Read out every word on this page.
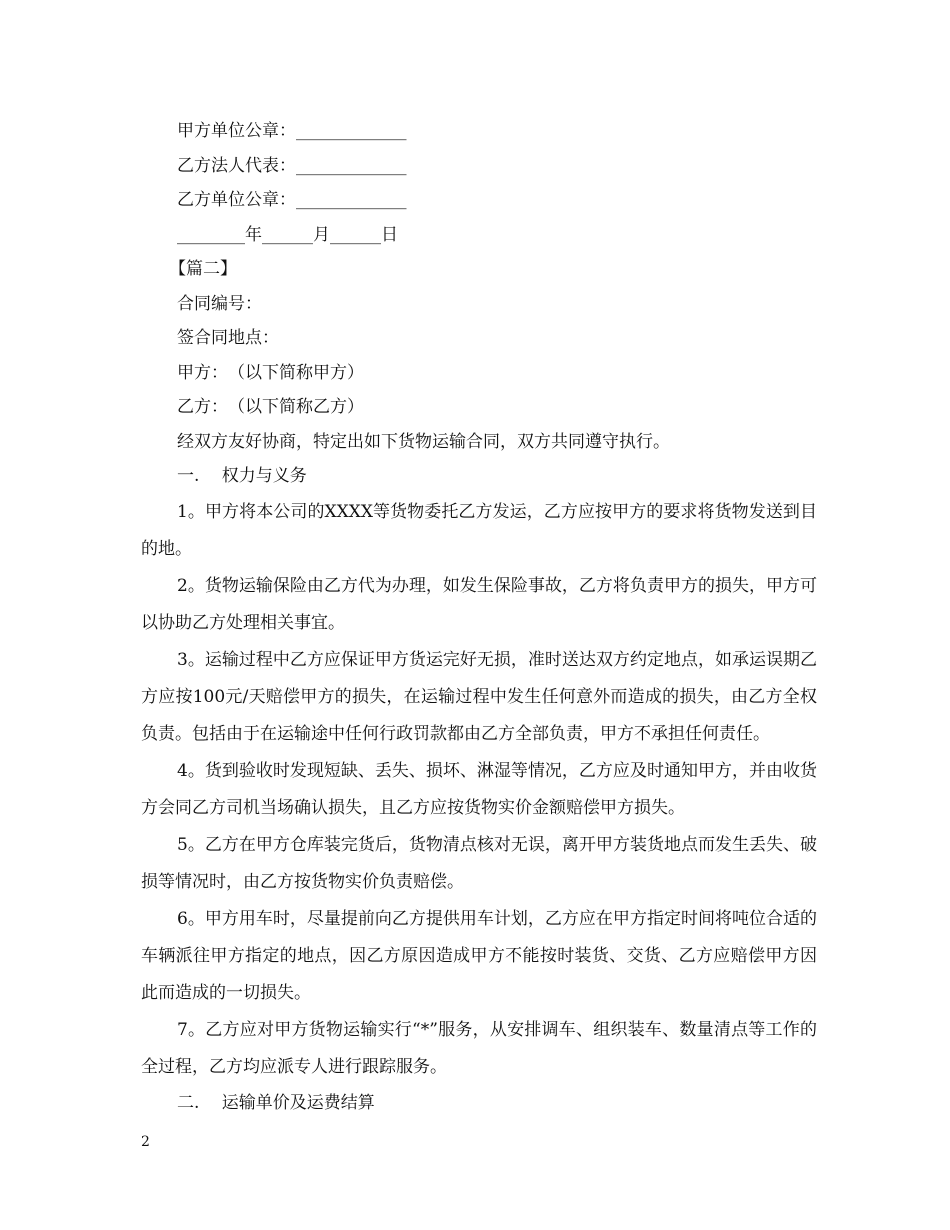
甲方单位公章：_____________
乙方法人代表：_____________
乙方单位公章：_____________
________年______月______日
【篇二】
合同编号：
签合同地点：
甲方：　（以下简称甲方）
乙方：　（以下简称乙方）
经双方友好协商，特定出如下货物运输合同，双方共同遵守执行。
一.　 权力与义务
1。甲方将本公司的XXXX等货物委托乙方发运，乙方应按甲方的要求将货物发送到目的地。
2。货物运输保险由乙方代为办理，如发生保险事故，乙方将负责甲方的损失，甲方可以协助乙方处理相关事宜。
3。运输过程中乙方应保证甲方货运完好无损，准时送达双方约定地点，如承运误期乙方应按100元/天赔偿甲方的损失，在运输过程中发生任何意外而造成的损失，由乙方全权负责。包括由于在运输途中任何行政罚款都由乙方全部负责，甲方不承担任何责任。
4。货到验收时发现短缺、丢失、损坏、淋湿等情况，乙方应及时通知甲方，并由收货方会同乙方司机当场确认损失，且乙方应按货物实价金额赔偿甲方损失。
5。乙方在甲方仓库装完货后，货物清点核对无误，离开甲方装货地点而发生丢失、破损等情况时，由乙方按货物实价负责赔偿。
6。甲方用车时，尽量提前向乙方提供用车计划，乙方应在甲方指定时间将吨位合适的车辆派往甲方指定的地点，因乙方原因造成甲方不能按时装货、交货、乙方应赔偿甲方因此而造成的一切损失。
7。乙方应对甲方货物运输实行“*”服务，从安排调车、组织装车、数量清点等工作的全过程，乙方均应派专人进行跟踪服务。
二.　 运输单价及运费结算
2
